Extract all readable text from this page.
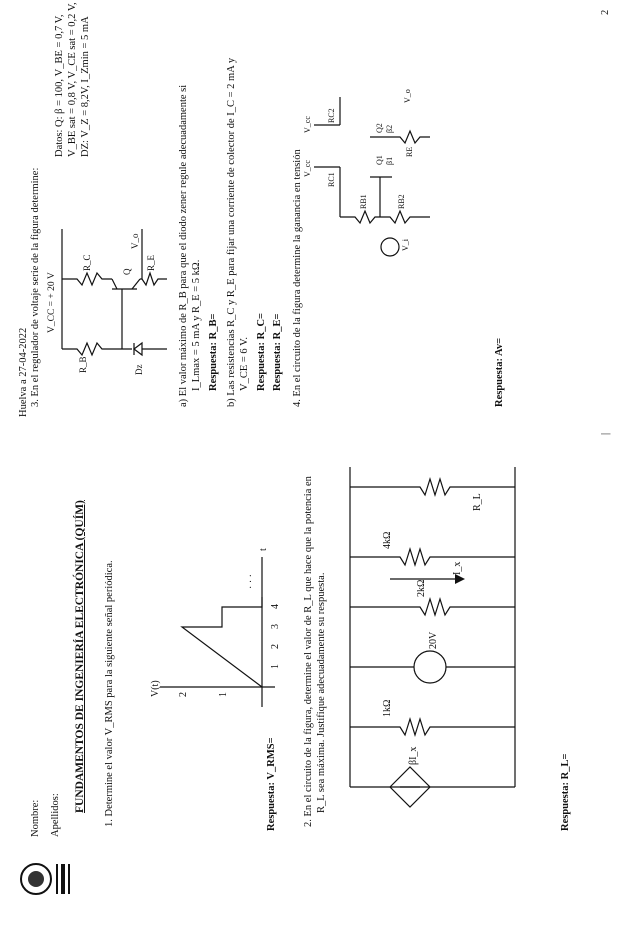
Nombre: Apellidos:
Huelva a 27-04-2022
FUNDAMENTOS DE INGENIERÍA ELECTRÓNICA (QUÍM) 1. Determine el valor V_RMS para la siguiente señal periódica.	V(t)
t
1
2
1
2
3
4
· · ·
Respuesta: V_RMS= 2. En el circuito de la figura, determine el valor de R_L que hace que la potencia en R_L sea máxima. Justifique adecuadamente su respuesta.	βI_x
1kΩ
20V
2kΩ
4kΩ
I_x
R_L
Respuesta: R_L=
3. En el regulador de voltaje serie de la figura determine: V_CC = + 20 V
R_B
R_C
Q
R_E
V_o
Dz
Datos: Q: β = 100, V_BE = 0,7 V, V_BE sat = 0,8 V, V_CE sat = 0,2 V, DZ: V_Z = 8,2V, I_Zmin = 5 mA	a) El valor máximo de R_B para que el diodo zener regule adecuadamente si I_Lmax = 5 mA y R_E = 5 kΩ. Respuesta: R_B= b) Las resistencias R_C y R_E para fijar una corriente de colector de I_C = 2 mA y V_CE = 6 V. Respuesta: R_C= Respuesta: R_E= 4. En el circuito de la figura determine la ganancia en tensión V_cc
V_cc
RC1
RC2
RB1	RB2
Q1 β1
Q2 β2
RE
V_o
V_i
Respuesta: Av=
|
2
